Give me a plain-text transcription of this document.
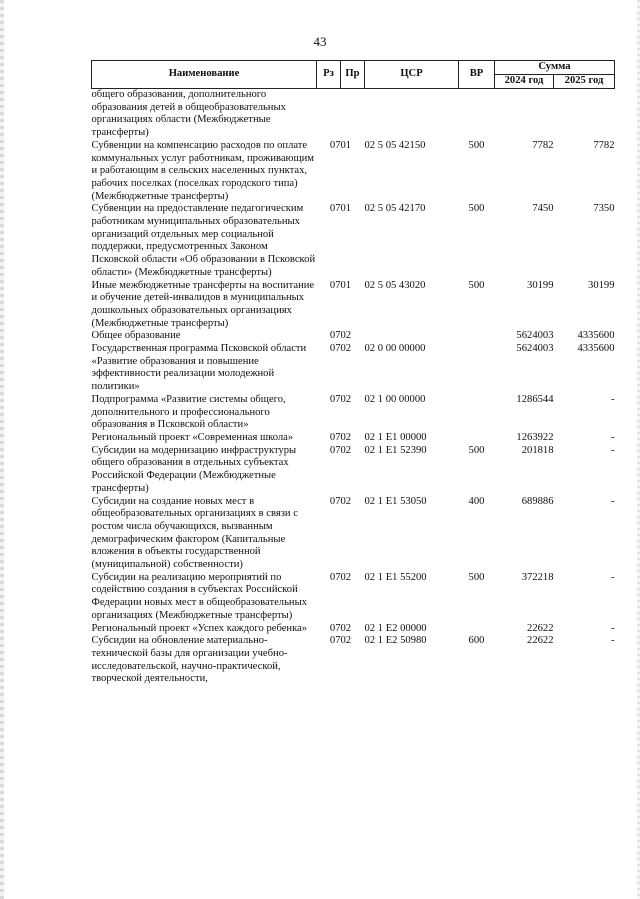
43
Наименование	Рз	Пр	ЦСР	ВР	Сумма	
					2024 год	2025 год
общего образования, дополнительного образования детей в общеобразовательных организациях области (Межбюджетные трансферты)						
Субвенции на компенсацию расходов по оплате коммунальных услуг работникам, проживающим и работающим в сельских населенных пунктах, рабочих поселках (поселках городского типа) (Межбюджетные трансферты)	07	01	02 5 05 42150	500	7782	7782
Субвенции на предоставление педагогическим работникам муниципальных образовательных организаций отдельных мер социальной поддержки, предусмотренных Законом Псковской области «Об образовании в Псковской области» (Межбюджетные трансферты)	07	01	02 5 05 42170	500	7450	7350
Иные межбюджетные трансферты на воспитание и обучение детей-инвалидов в муниципальных дошкольных образовательных организациях (Межбюджетные трансферты)	07	01	02 5 05 43020	500	30199	30199
Общее образование	07	02			5624003	4335600
Государственная программа Псковской области «Развитие образования и повышение эффективности реализации молодежной политики»	07	02	02 0 00 00000		5624003	4335600
Подпрограмма «Развитие системы общего, дополнительного и профессионального образования в Псковской области»	07	02	02 1 00 00000		1286544	-
Региональный проект «Современная школа»	07	02	02 1 E1 00000		1263922	-
Субсидии на модернизацию инфраструктуры общего образования в отдельных субъектах Российской Федерации (Межбюджетные трансферты)	07	02	02 1 E1 52390	500	201818	-
Субсидии на создание новых мест в общеобразовательных организациях в связи с ростом числа обучающихся, вызванным демографическим фактором (Капитальные вложения в объекты государственной (муниципальной) собственности)	07	02	02 1 E1 53050	400	689886	-
Субсидии на реализацию мероприятий по содействию создания в субъектах Российской Федерации новых мест в общеобразовательных организациях (Межбюджетные трансферты)	07	02	02 1 E1 55200	500	372218	-
Региональный проект «Успех каждого ребенка»	07	02	02 1 E2 00000		22622	-
Субсидии на обновление материально-технической базы для организации учебно-исследовательской, научно-практической, творческой деятельности,	07	02	02 1 E2 50980	600	22622	-
